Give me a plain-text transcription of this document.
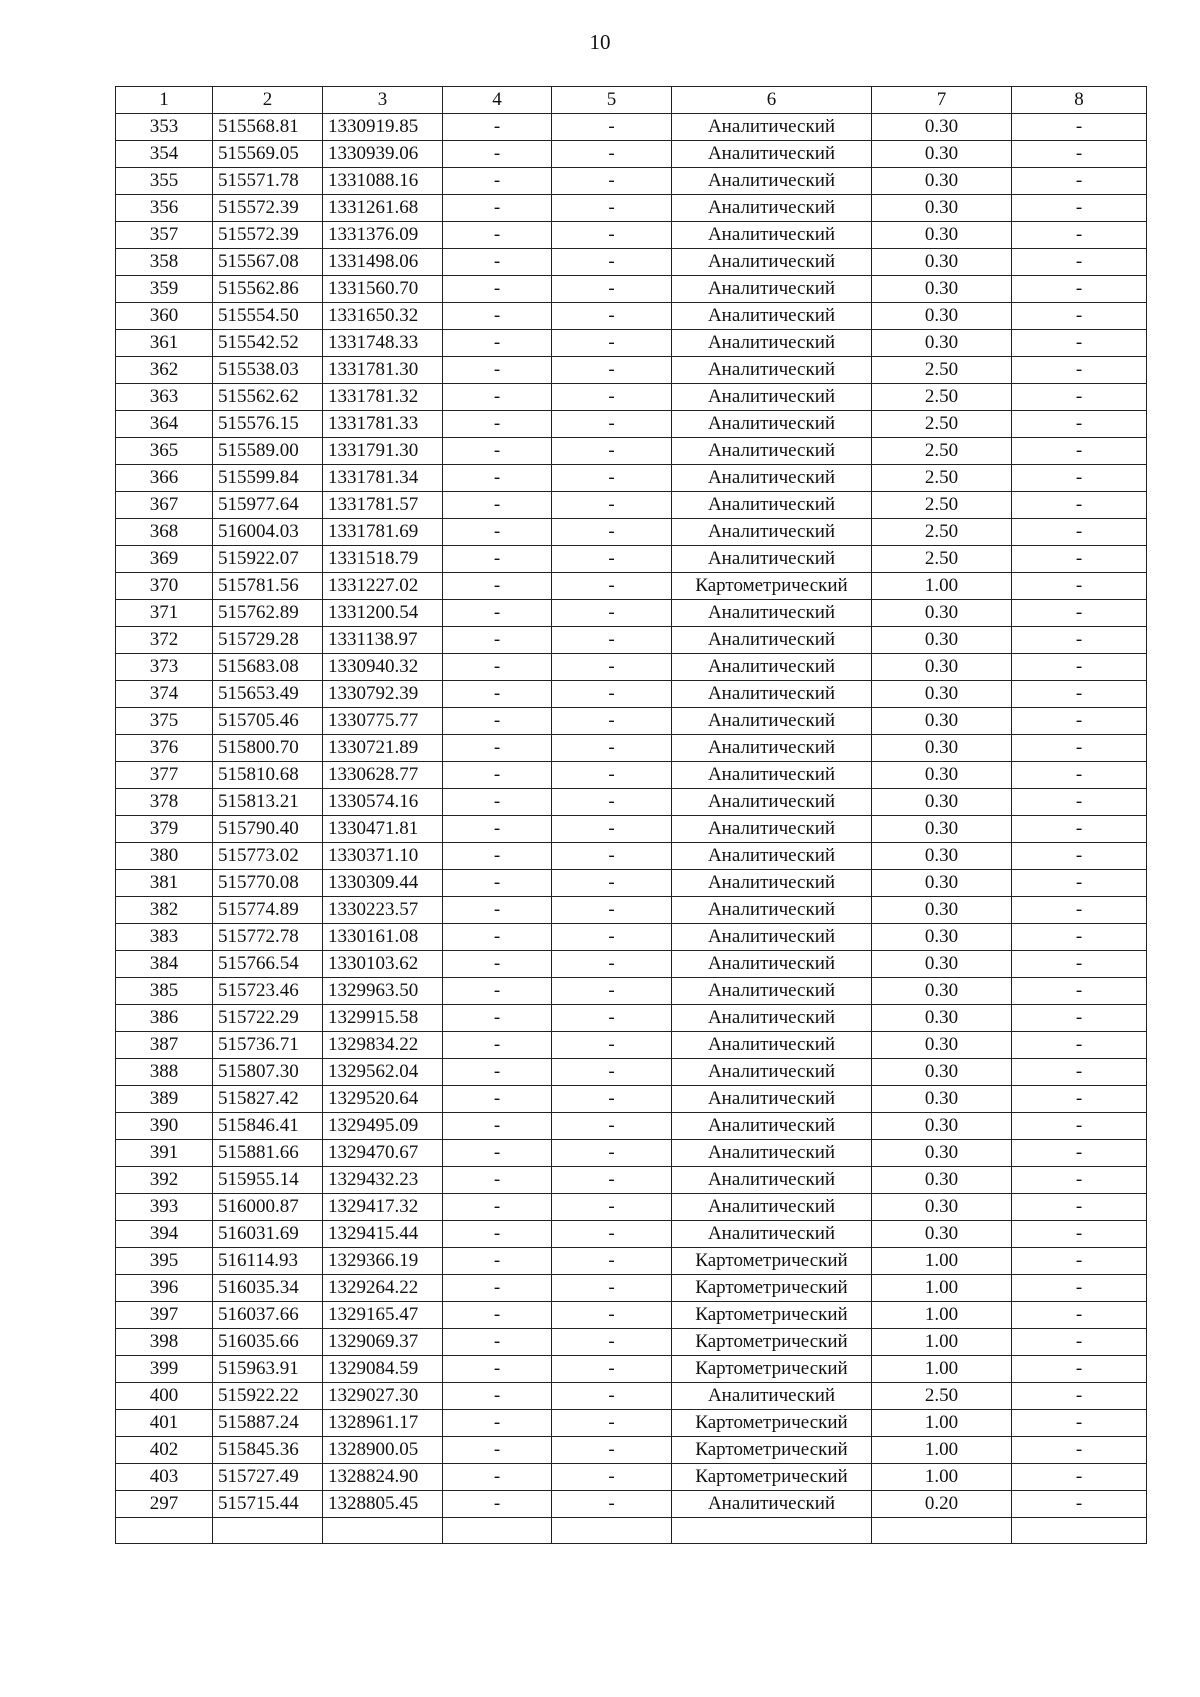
10
1	2	3	4	5	6	7	8
353	515568.81	1330919.85	-	-	Аналитический	0.30	-
354	515569.05	1330939.06	-	-	Аналитический	0.30	-
355	515571.78	1331088.16	-	-	Аналитический	0.30	-
356	515572.39	1331261.68	-	-	Аналитический	0.30	-
357	515572.39	1331376.09	-	-	Аналитический	0.30	-
358	515567.08	1331498.06	-	-	Аналитический	0.30	-
359	515562.86	1331560.70	-	-	Аналитический	0.30	-
360	515554.50	1331650.32	-	-	Аналитический	0.30	-
361	515542.52	1331748.33	-	-	Аналитический	0.30	-
362	515538.03	1331781.30	-	-	Аналитический	2.50	-
363	515562.62	1331781.32	-	-	Аналитический	2.50	-
364	515576.15	1331781.33	-	-	Аналитический	2.50	-
365	515589.00	1331791.30	-	-	Аналитический	2.50	-
366	515599.84	1331781.34	-	-	Аналитический	2.50	-
367	515977.64	1331781.57	-	-	Аналитический	2.50	-
368	516004.03	1331781.69	-	-	Аналитический	2.50	-
369	515922.07	1331518.79	-	-	Аналитический	2.50	-
370	515781.56	1331227.02	-	-	Картометрический	1.00	-
371	515762.89	1331200.54	-	-	Аналитический	0.30	-
372	515729.28	1331138.97	-	-	Аналитический	0.30	-
373	515683.08	1330940.32	-	-	Аналитический	0.30	-
374	515653.49	1330792.39	-	-	Аналитический	0.30	-
375	515705.46	1330775.77	-	-	Аналитический	0.30	-
376	515800.70	1330721.89	-	-	Аналитический	0.30	-
377	515810.68	1330628.77	-	-	Аналитический	0.30	-
378	515813.21	1330574.16	-	-	Аналитический	0.30	-
379	515790.40	1330471.81	-	-	Аналитический	0.30	-
380	515773.02	1330371.10	-	-	Аналитический	0.30	-
381	515770.08	1330309.44	-	-	Аналитический	0.30	-
382	515774.89	1330223.57	-	-	Аналитический	0.30	-
383	515772.78	1330161.08	-	-	Аналитический	0.30	-
384	515766.54	1330103.62	-	-	Аналитический	0.30	-
385	515723.46	1329963.50	-	-	Аналитический	0.30	-
386	515722.29	1329915.58	-	-	Аналитический	0.30	-
387	515736.71	1329834.22	-	-	Аналитический	0.30	-
388	515807.30	1329562.04	-	-	Аналитический	0.30	-
389	515827.42	1329520.64	-	-	Аналитический	0.30	-
390	515846.41	1329495.09	-	-	Аналитический	0.30	-
391	515881.66	1329470.67	-	-	Аналитический	0.30	-
392	515955.14	1329432.23	-	-	Аналитический	0.30	-
393	516000.87	1329417.32	-	-	Аналитический	0.30	-
394	516031.69	1329415.44	-	-	Аналитический	0.30	-
395	516114.93	1329366.19	-	-	Картометрический	1.00	-
396	516035.34	1329264.22	-	-	Картометрический	1.00	-
397	516037.66	1329165.47	-	-	Картометрический	1.00	-
398	516035.66	1329069.37	-	-	Картометрический	1.00	-
399	515963.91	1329084.59	-	-	Картометрический	1.00	-
400	515922.22	1329027.30	-	-	Аналитический	2.50	-
401	515887.24	1328961.17	-	-	Картометрический	1.00	-
402	515845.36	1328900.05	-	-	Картометрический	1.00	-
403	515727.49	1328824.90	-	-	Картометрический	1.00	-
297	515715.44	1328805.45	-	-	Аналитический	0.20	-
